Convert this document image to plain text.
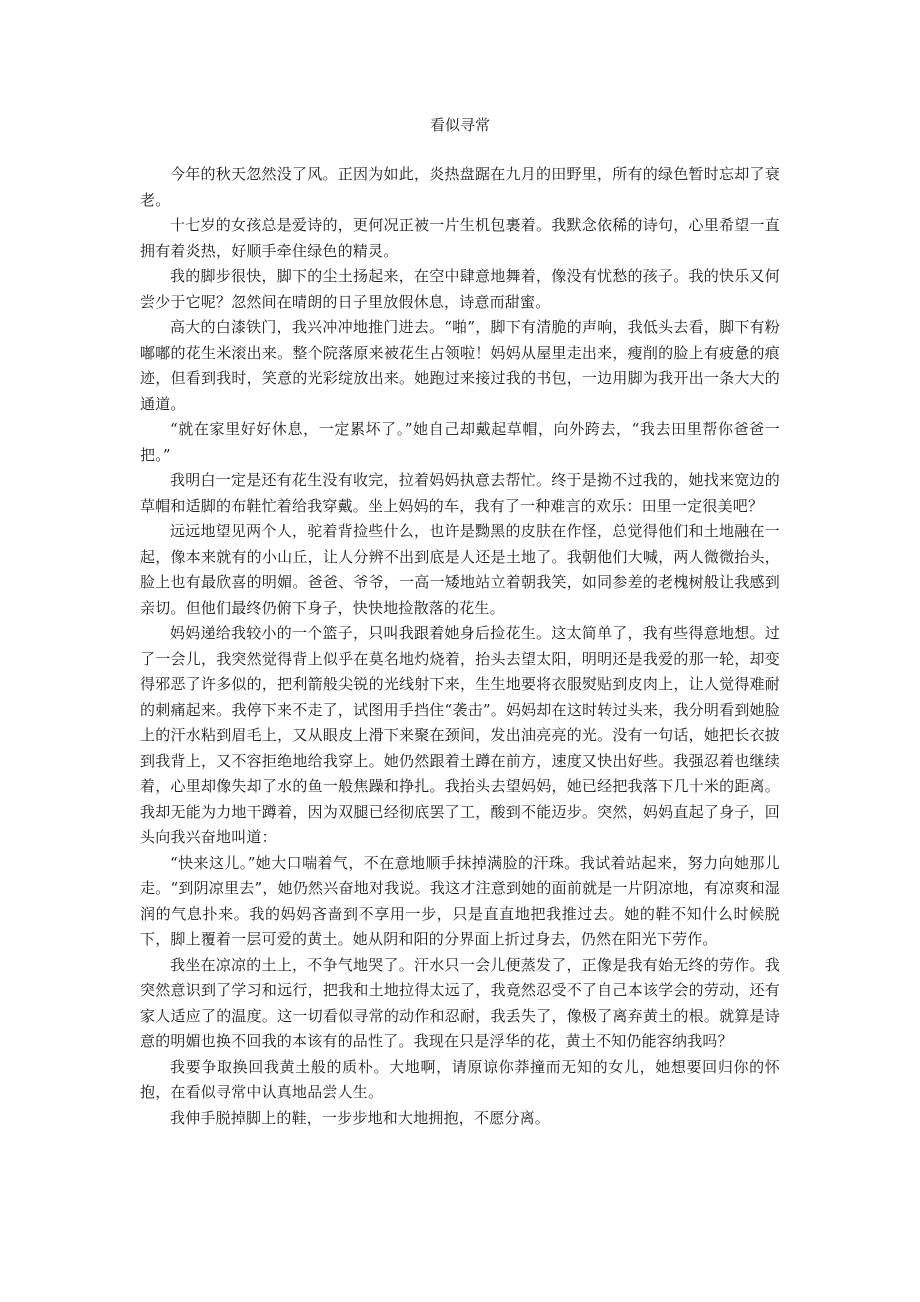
看似寻常

今年的秋天忽然没了风。正因为如此，炎热盘踞在九月的田野里，所有的绿色暂时忘却了衰老。

十七岁的女孩总是爱诗的，更何况正被一片生机包裹着。我默念依稀的诗句，心里希望一直拥有着炎热，好顺手牵住绿色的精灵。

我的脚步很快，脚下的尘土扬起来，在空中肆意地舞着，像没有忧愁的孩子。我的快乐又何尝少于它呢？忽然间在晴朗的日子里放假休息，诗意而甜蜜。

高大的白漆铁门，我兴冲冲地推门进去。“啪”，脚下有清脆的声响，我低头去看，脚下有粉嘟嘟的花生米滚出来。整个院落原来被花生占领啦！妈妈从屋里走出来，瘦削的脸上有疲惫的痕迹，但看到我时，笑意的光彩绽放出来。她跑过来接过我的书包，一边用脚为我开出一条大大的通道。

“就在家里好好休息，一定累坏了。”她自己却戴起草帽，向外跨去，“我去田里帮你爸爸一把。”

我明白一定是还有花生没有收完，拉着妈妈执意去帮忙。终于是拗不过我的，她找来宽边的草帽和适脚的布鞋忙着给我穿戴。坐上妈妈的车，我有了一种难言的欢乐：田里一定很美吧？

远远地望见两个人，驼着背捡些什么，也许是黝黑的皮肤在作怪，总觉得他们和土地融在一起，像本来就有的小山丘，让人分辨不出到底是人还是土地了。我朝他们大喊，两人微微抬头，脸上也有最欣喜的明媚。爸爸、爷爷，一高一矮地站立着朝我笑，如同参差的老槐树般让我感到亲切。但他们最终仍俯下身子，快快地捡散落的花生。

妈妈递给我较小的一个篮子，只叫我跟着她身后捡花生。这太简单了，我有些得意地想。过了一会儿，我突然觉得背上似乎在莫名地灼烧着，抬头去望太阳，明明还是我爱的那一轮，却变得邪恶了许多似的，把利箭般尖锐的光线射下来，生生地要将衣服熨贴到皮肉上，让人觉得难耐的刺痛起来。我停下来不走了，试图用手挡住“袭击”。妈妈却在这时转过头来，我分明看到她脸上的汗水粘到眉毛上，又从眼皮上滑下来聚在颈间，发出油亮亮的光。没有一句话，她把长衣披到我背上，又不容拒绝地给我穿上。她仍然跟着土蹲在前方，速度又快出好些。我强忍着也继续着，心里却像失却了水的鱼一般焦躁和挣扎。我抬头去望妈妈，她已经把我落下几十米的距离。我却无能为力地干蹲着，因为双腿已经彻底罢了工，酸到不能迈步。突然，妈妈直起了身子，回头向我兴奋地叫道：

“快来这儿。”她大口喘着气，不在意地顺手抹掉满脸的汗珠。我试着站起来，努力向她那儿走。“到阴凉里去”，她仍然兴奋地对我说。我这才注意到她的面前就是一片阴凉地，有凉爽和湿润的气息扑来。我的妈妈吝啬到不享用一步，只是直直地把我推过去。她的鞋不知什么时候脱下，脚上覆着一层可爱的黄土。她从阴和阳的分界面上折过身去，仍然在阳光下劳作。

我坐在凉凉的土上，不争气地哭了。汗水只一会儿便蒸发了，正像是我有始无终的劳作。我突然意识到了学习和远行，把我和土地拉得太远了，我竟然忍受不了自己本该学会的劳动，还有家人适应了的温度。这一切看似寻常的动作和忍耐，我丢失了，像极了离弃黄土的根。就算是诗意的明媚也换不回我的本该有的品性了。我现在只是浮华的花，黄土不知仍能容纳我吗？

我要争取换回我黄土般的质朴。大地啊，请原谅你莽撞而无知的女儿，她想要回归你的怀抱，在看似寻常中认真地品尝人生。

我伸手脱掉脚上的鞋，一步步地和大地拥抱，不愿分离。
